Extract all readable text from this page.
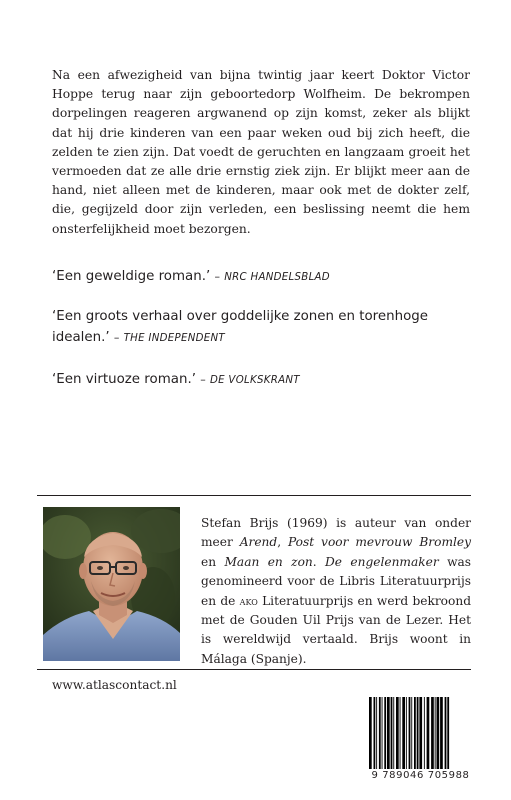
Na een afwezigheid van bijna twintig jaar keert Doktor Victor Hoppe terug naar zijn geboortedorp Wolfheim. De bekrompen dorpelingen reageren argwanend op zijn komst, zeker als blijkt dat hij drie kinderen van een paar weken oud bij zich heeft, die zelden te zien zijn. Dat voedt de geruchten en langzaam groeit het vermoeden dat ze alle drie ernstig ziek zijn. Er blijkt meer aan de hand, niet alleen met de kinderen, maar ook met de dokter zelf, die, gegijzeld door zijn verleden, een beslissing neemt die hem onsterfelijkheid moet bezorgen.
‘Een geweldige roman.’ – NRC HANDELSBLAD
‘Een groots verhaal over goddelijke zonen en torenhoge idealen.’ – THE INDEPENDENT
‘Een virtuoze roman.’ – DE VOLKSKRANT
Stefan Brijs (1969) is auteur van onder meer Arend, Post voor mevrouw Bromley en Maan en zon. De engelenmaker was genomineerd voor de Libris Literatuurprijs en de ako Literatuurprijs en werd bekroond met de Gouden Uil Prijs van de Lezer. Het is wereldwijd vertaald. Brijs woont in Málaga (Spanje).
www.atlascontact.nl
9 789046 705988
